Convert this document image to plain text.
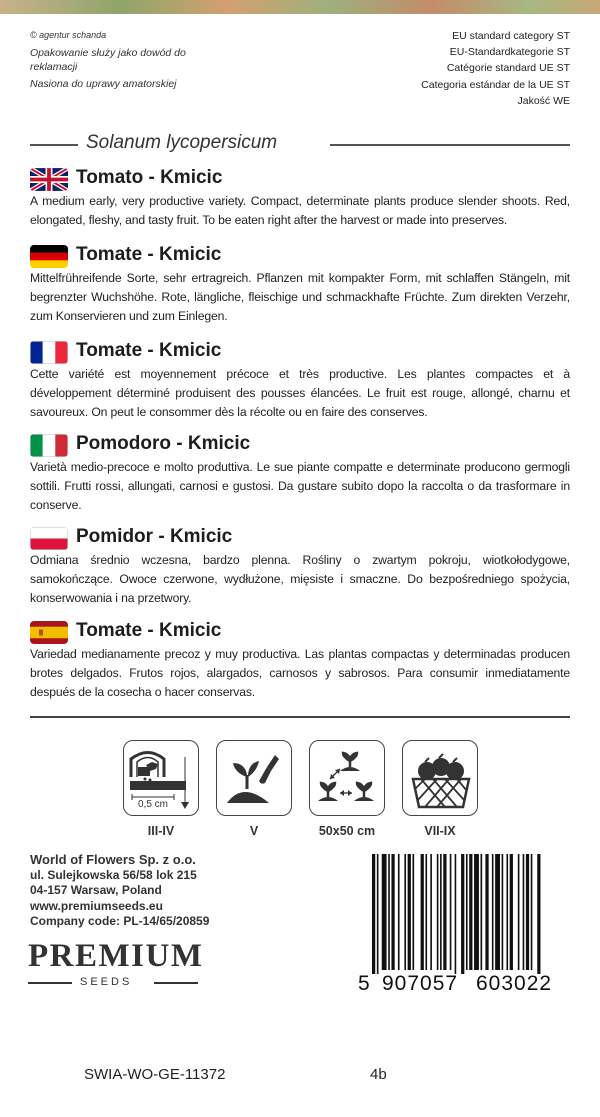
© agentur schanda
Opakowanie służy jako dowód do reklamacji
Nasiona do uprawy amatorskiej
EU standard category ST
EU-Standardkategorie ST
Catégorie standard UE ST
Categoria estándar de la UE ST
Jakość WE
Solanum lycopersicum
Tomato - Kmicic
A medium early, very productive variety. Compact, determinate plants produce slender shoots. Red, elongated, fleshy, and tasty fruit. To be eaten right after the harvest or made into preserves.
Tomate - Kmicic
Mittelfrühreifende Sorte, sehr ertragreich. Pflanzen mit kompakter Form, mit schlaffen Stängeln, mit begrenzter Wuchshöhe. Rote, längliche, fleischige und schmackhafte Früchte. Zum direkten Verzehr, zum Konservieren und zum Einlegen.
Tomate - Kmicic
Cette variété est moyennement précoce et très productive. Les plantes compactes et à développement déterminé produisent des pousses élancées. Le fruit est rouge, allongé, charnu et savoureux. On peut le consommer dès la récolte ou en faire des conserves.
Pomodoro - Kmicic
Varietà medio-precoce e molto produttiva. Le sue piante compatte e determinate producono germogli sottili. Frutti rossi, allungati, carnosi e gustosi. Da gustare subito dopo la raccolta o da trasformare in conserve.
Pomidor - Kmicic
Odmiana średnio wczesna, bardzo plenna. Rośliny o zwartym pokroju, wiotkołodygowe, samokończące. Owoce czerwone, wydłużone, mięsiste i smaczne. Do bezpośredniego spożycia, konserwowania i na przetwory.
Tomate - Kmicic
Variedad medianamente precoz y muy productiva. Las plantas compactas y determinadas producen brotes delgados. Frutos rojos, alargados, carnosos y sabrosos. Para consumir inmediatamente después de la cosecha o hacer conservas.
0,5 cm
III-IV	V	50x50 cm	VII-IX
World of Flowers Sp. z o.o.
ul. Sulejkowska 56/58 lok 215
04-157 Warsaw, Poland
www.premiumseeds.eu
Company code: PL-14/65/20859
PREMIUM
SEEDS	5 907057 603022
SWIA-WO-GE-11372	4b
